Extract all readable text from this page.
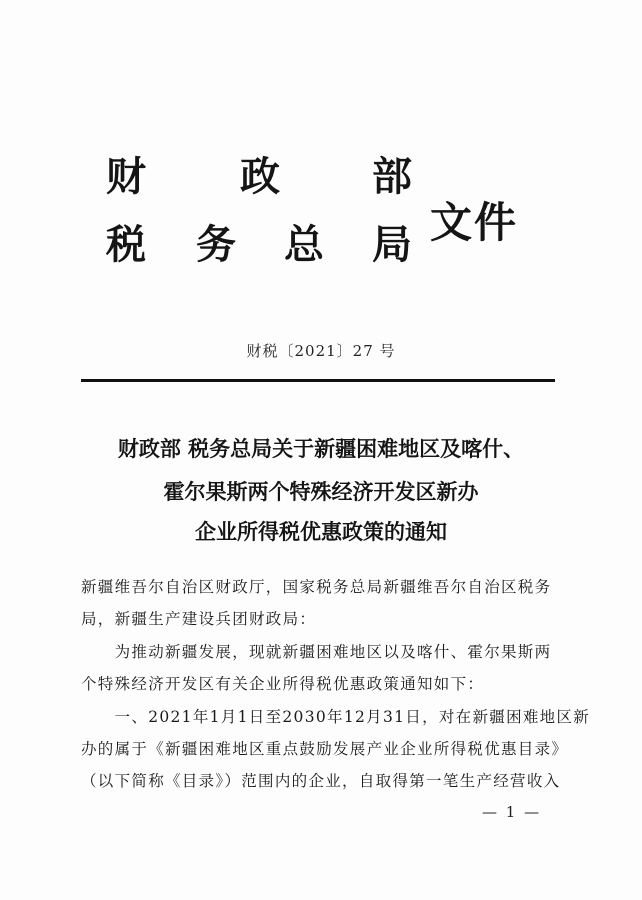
财 政 部
税 务 总 局 文件
财税〔2021〕27 号
财政部 税务总局关于新疆困难地区及喀什、
霍尔果斯两个特殊经济开发区新办
企业所得税优惠政策的通知
新疆维吾尔自治区财政厅，国家税务总局新疆维吾尔自治区税务
局，新疆生产建设兵团财政局：
　　为推动新疆发展，现就新疆困难地区以及喀什、霍尔果斯两
个特殊经济开发区有关企业所得税优惠政策通知如下：
　　一、2021年1月1日至2030年12月31日，对在新疆困难地区新
办的属于《新疆困难地区重点鼓励发展产业企业所得税优惠目录》
（以下简称《目录》）范围内的企业，自取得第一笔生产经营收入
— 1 —
